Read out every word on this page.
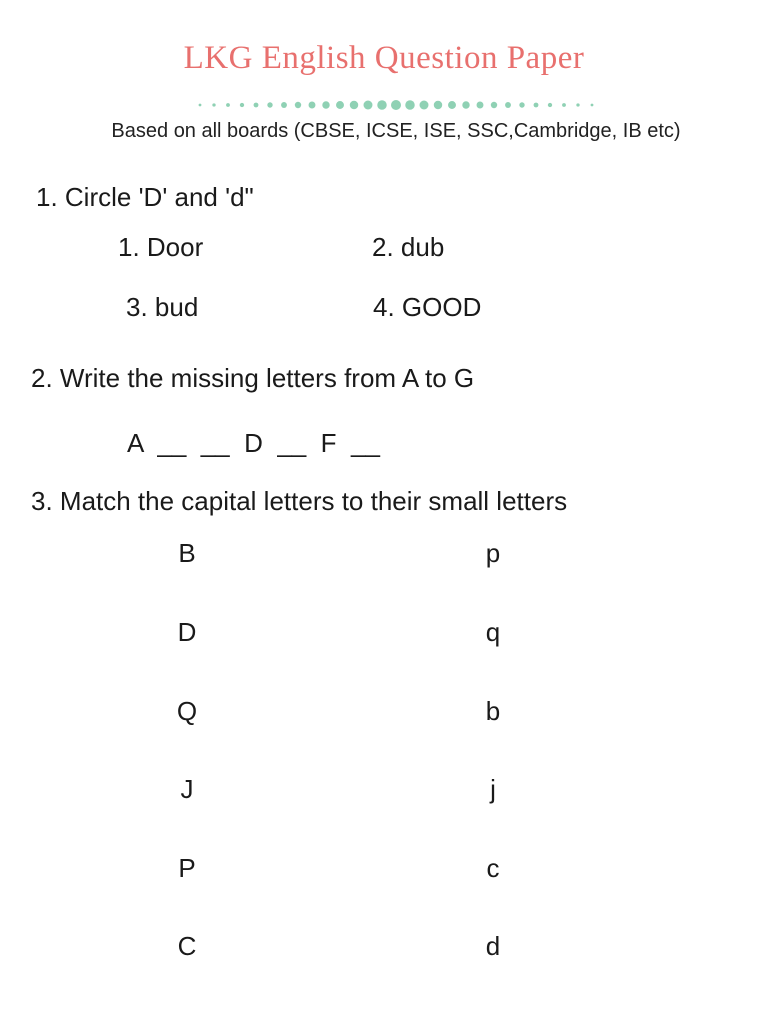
LKG English Question Paper
Based on all boards (CBSE, ICSE, ISE, SSC,Cambridge, IB etc)
1. Circle 'D' and 'd"
1. Door	2. dub
3. bud	4. GOOD
2. Write the missing letters from A to G
A  __  __  D  __  F  __
3. Match the capital letters to their small letters
B
D
Q
J
P
C
p
q
b
j
c
d
